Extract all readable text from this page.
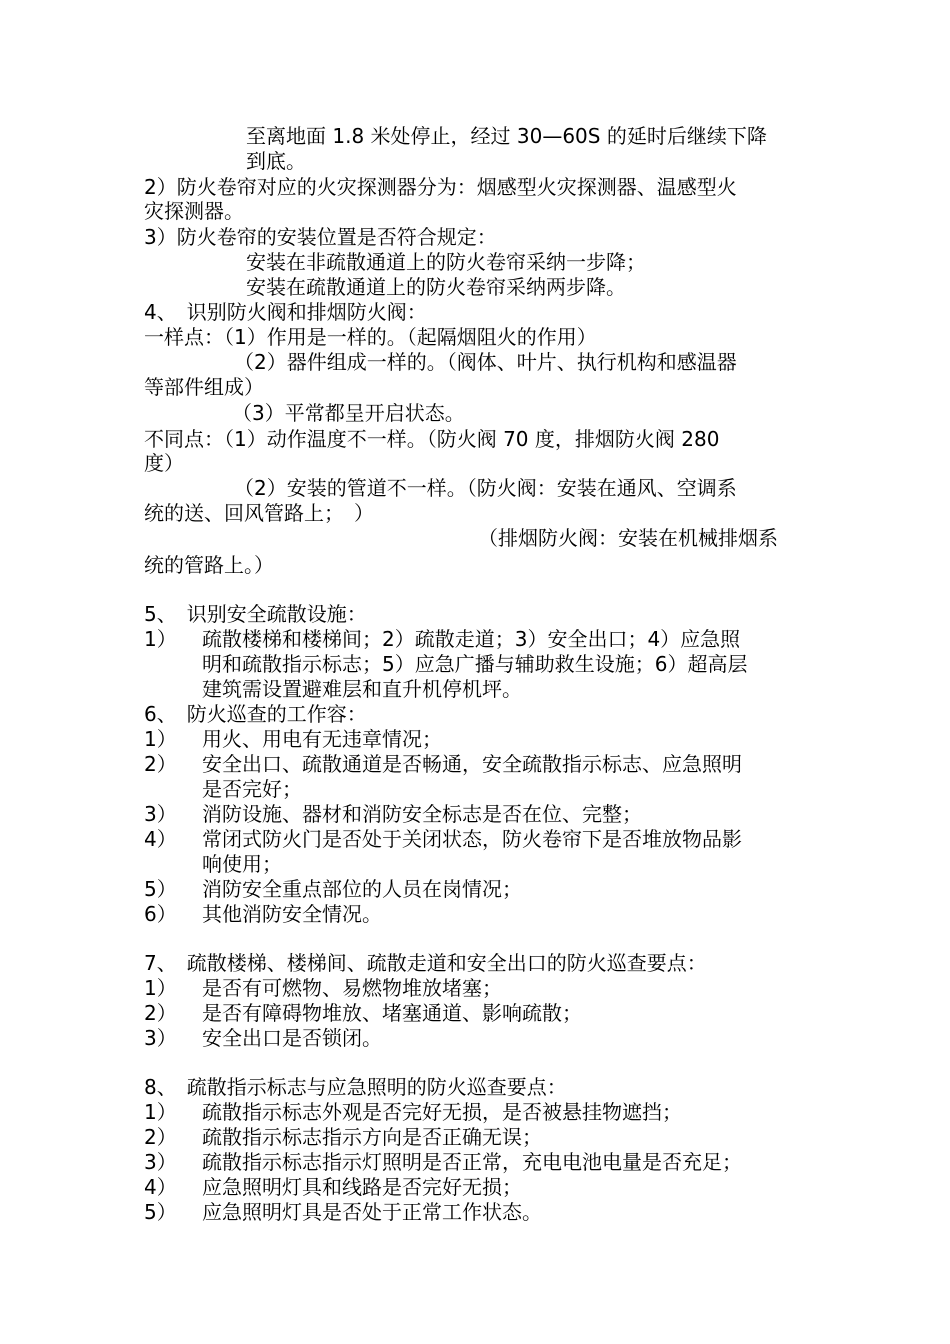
至离地面 1.8 米处停止，经过 30—60S 的延时后继续下降
到底。
2）防火卷帘对应的火灾探测器分为：烟感型火灾探测器、温感型火
灾探测器。
3）防火卷帘的安装位置是否符合规定：
安装在非疏散通道上的防火卷帘采纳一步降；
安装在疏散通道上的防火卷帘采纳两步降。
4、　识别防火阀和排烟防火阀：
一样点：（1）作用是一样的。（起隔烟阻火的作用）
（2）器件组成一样的。（阀体、叶片、执行机构和感温器
等部件组成）
（3）平常都呈开启状态。
不同点：（1）动作温度不一样。（防火阀 70 度，排烟防火阀 280
度）
（2）安装的管道不一样。（防火阀：安装在通风、空调系
统的送、回风管路上；　）
（排烟防火阀：安装在机械排烟系
统的管路上。）
5、　识别安全疏散设施：
1） 疏散楼梯和楼梯间；2）疏散走道；3）安全出口；4）应急照
明和疏散指示标志；5）应急广播与辅助救生设施；6）超高层
建筑需设置避难层和直升机停机坪。
6、　防火巡查的工作容：
1） 用火、用电有无违章情况；
2） 安全出口、疏散通道是否畅通，安全疏散指示标志、应急照明
是否完好；
3） 消防设施、器材和消防安全标志是否在位、完整；
4） 常闭式防火门是否处于关闭状态，防火卷帘下是否堆放物品影
响使用；
5） 消防安全重点部位的人员在岗情况；
6） 其他消防安全情况。
7、　疏散楼梯、楼梯间、疏散走道和安全出口的防火巡查要点：
1） 是否有可燃物、易燃物堆放堵塞；
2） 是否有障碍物堆放、堵塞通道、影响疏散；
3） 安全出口是否锁闭。
8、　疏散指示标志与应急照明的防火巡查要点：
1） 疏散指示标志外观是否完好无损，是否被悬挂物遮挡；
2） 疏散指示标志指示方向是否正确无误；
3） 疏散指示标志指示灯照明是否正常，充电电池电量是否充足；
4） 应急照明灯具和线路是否完好无损；
5） 应急照明灯具是否处于正常工作状态。
